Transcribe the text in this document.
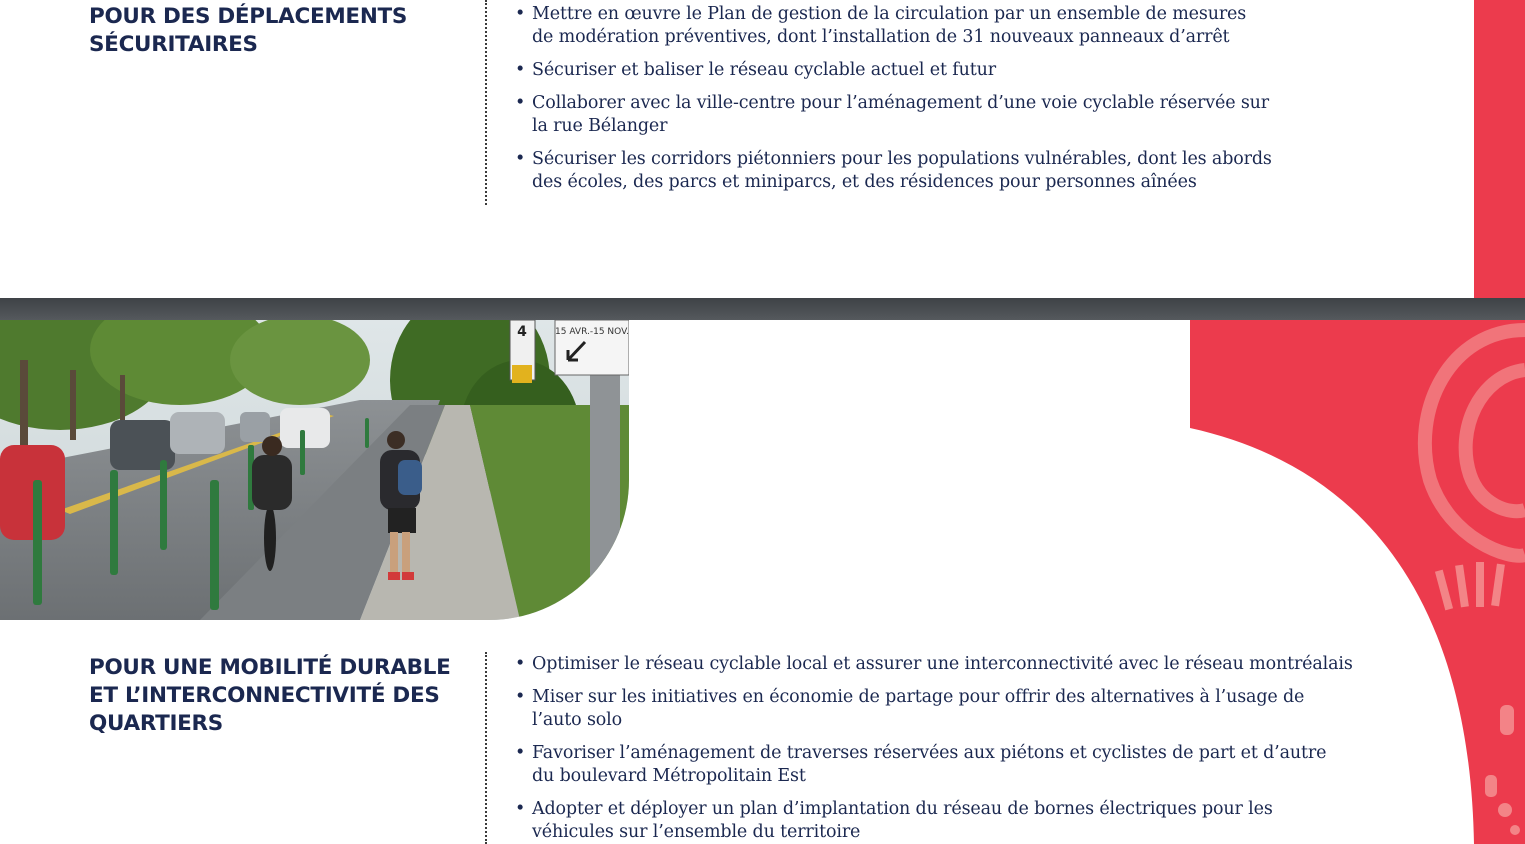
POUR DES DÉPLACEMENTS
SÉCURITAIRES
• Mettre en œuvre le Plan de gestion de la circulation par un ensemble de mesures
de modération préventives, dont l’installation de 31 nouveaux panneaux d’arrêt
• Sécuriser et baliser le réseau cyclable actuel et futur
• Collaborer avec la ville-centre pour l’aménagement d’une voie cyclable réservée sur
la rue Bélanger
• Sécuriser les corridors piétonniers pour les populations vulnérables, dont les abords
des écoles, des parcs et miniparcs, et des résidences pour personnes aînées
15 AVR.-15 NOV.
4
POUR UNE MOBILITÉ DURABLE
ET L’INTERCONNECTIVITÉ DES
QUARTIERS
• Optimiser le réseau cyclable local et assurer une interconnectivité avec le réseau montréalais
• Miser sur les initiatives en économie de partage pour offrir des alternatives à l’usage de
l’auto solo
• Favoriser l’aménagement de traverses réservées aux piétons et cyclistes de part et d’autre
du boulevard Métropolitain Est
• Adopter et déployer un plan d’implantation du réseau de bornes électriques pour les
véhicules sur l’ensemble du territoire
